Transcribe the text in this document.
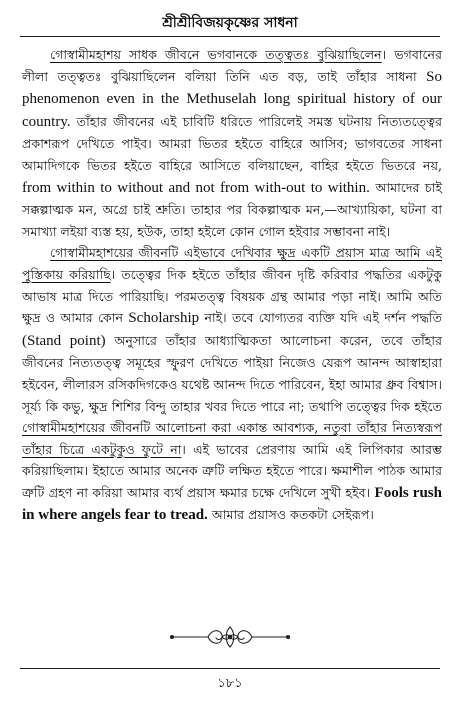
শ্রীশ্রীবিজয়কৃষ্ণের সাধনা

গোস্বামীমহাশয় সাধক জীবনে ভগবানকে তত্ত্বতঃ বুঝিয়াছিলেন। ভগবানের লীলা তত্ত্বতঃ বুঝিয়াছিলেন বলিয়া তিনি এত বড়, তাই তাঁহার সাধনা So phenomenon even in the Methuselah long spiritual history of our country. তাঁহার জীবনের এই চাবিটি ধরিতে পারিলেই সমস্ত ঘটনায় নিত্যতত্ত্বের প্রকাশরূপ দেখিতে পাইব। আমরা ভিতর হইতে বাহিরে আসিব; ভাগবতের সাধনা আমাদিগকে ভিতর হইতে বাহিরে আসিতে বলিয়াছেন, বাহির হইতে ভিতরে নয়, from within to without and not from with-out to within. আমাদের চাই সক্কল্পাত্মক মন, অগ্রে চাই শ্রুতি। তাহার পর বিকল্পাত্মক মন,—আখ্যায়িকা, ঘটনা বা সমাখ্যা লইয়া ব্যস্ত হয়, হউক, তাহা হইলে কোন গোল হইবার সম্ভাবনা নাই।

গোস্বামীমহাশয়ের জীবনটি এইভাবে দেখিবার ক্ষুদ্র একটি প্রয়াস মাত্র আমি এই পুস্তিকায় করিয়াছি। তত্ত্বের দিক হইতে তাঁহার জীবন দৃষ্টি করিবার পদ্ধতির একটুকু আভাষ মাত্র দিতে পারিয়াছি। পরমতত্ত্ব বিষয়ক গ্রন্থ আমার পড়া নাই। আমি অতি ক্ষুদ্র ও আমার কোন Scholarship নাই। তবে যোগ্যতর ব্যক্তি যদি এই দর্শন পদ্ধতি (Stand point) অনুসারে তাঁহার আধ্যাত্মিকতা আলোচনা করেন, তবে তাঁহার জীবনের নিত্যতত্ত্ব সমূহের স্ফুরণ দেখিতে পাইয়া নিজেও যেরূপ আনন্দ আস্বাহারা হইবেন, লীলারস রসিকদিগকেও যথেষ্ট আনন্দ দিতে পারিবেন, ইহা আমার ধ্রুব বিশ্বাস। সূর্য্য কি কভু, ক্ষুদ্র শিশির বিন্দু তাহার খবর দিতে পারে না; তথাপি তত্ত্বের দিক হইতে গোস্বামীমহাশয়ের জীবনটি আলোচনা করা একান্ত আবশ্যক, নতুবা তাঁহার নিত্যস্বরূপ তাঁহার চিত্রে একটুকুও ফুটে না। এই ভাবের প্রেরণায় আমি এই লিপিকার আরম্ভ করিয়াছিলাম। ইহাতে আমার অনেক ত্রুটি লক্ষিত হইতে পারে। ক্ষমাশীল পাঠক আমার ত্রুটি গ্রহণ না করিয়া আমার ব্যর্থ প্রয়াস ক্ষমার চক্ষে দেখিলে সুখী হইব। Fools rush in where angels fear to tread. আমার প্রয়াসও কতকটা সেইরূপ।

১৮১
